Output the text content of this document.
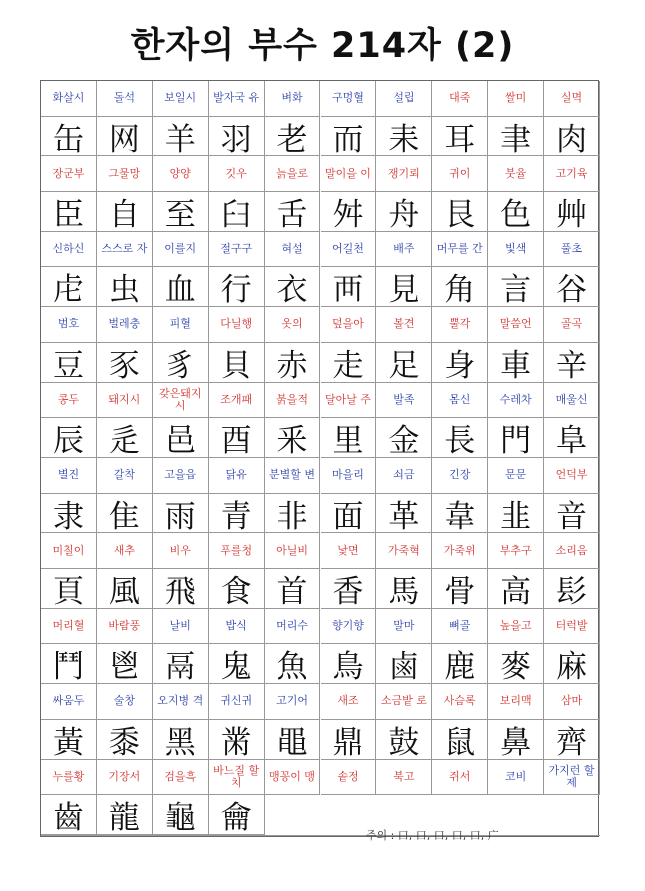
한자의 부수 214자 (2)
화살시	돌석	보일시	발자국 유	벼화	구멍혈	설립	대죽	쌀미	실멱
缶 网 羊 羽 老 而 耒 耳 聿 肉
장군부	그물망	양양	깃우	늙을로	말이을 이	쟁기뢰	귀이	붓율	고기육
臣 自 至 臼 舌 舛 舟 艮 色 艸
신하신	스스로 자	이를지	절구구	혀설	어길천	배주	머무를 간	빛색	풀초
虍 虫 血 行 衣 襾 見 角 言 谷
범호	벌레충	피혈	다닐행	옷의	덮을아	볼견	뿔각	말씀언	골곡
豆 豕 豸 貝 赤 走 足 身 車 辛
콩두	돼지시	갖은돼지시	조개패	붉을적	달아날 주	발족	몸신	수레차	매울신
辰 辵 邑 酉 釆 里 金 長 門 阜
별진	갈착	고을읍	닭유	분별할 변	마을리	쇠금	긴장	문문	언덕부
隶 隹 雨 青 非 面 革 韋 韭 音
미칠이	새추	비우	푸를청	아닐비	낯면	가죽혁	가죽위	부추구	소리음
頁 風 飛 食 首 香 馬 骨 高 髟
머리혈	바람풍	날비	밥식	머리수	향기향	말마	뼈골	높을고	터럭발
鬥 鬯 鬲 鬼 魚 鳥 鹵 鹿 麥 麻
싸움두	술창	오지병 격	귀신귀	고기어	새조	소금밭 로	사슴록	보리맥	삼마
黃 黍 黑 黹 黽 鼎 鼓 鼠 鼻 齊
누를황	기장서	검을흑	바느질 할치	맹꽁이 맹	솥정	북고	쥐서	코비	가지런 할제
齒 龍 龜 龠	주의 : 口, 口, 口, 口, 口, 广
